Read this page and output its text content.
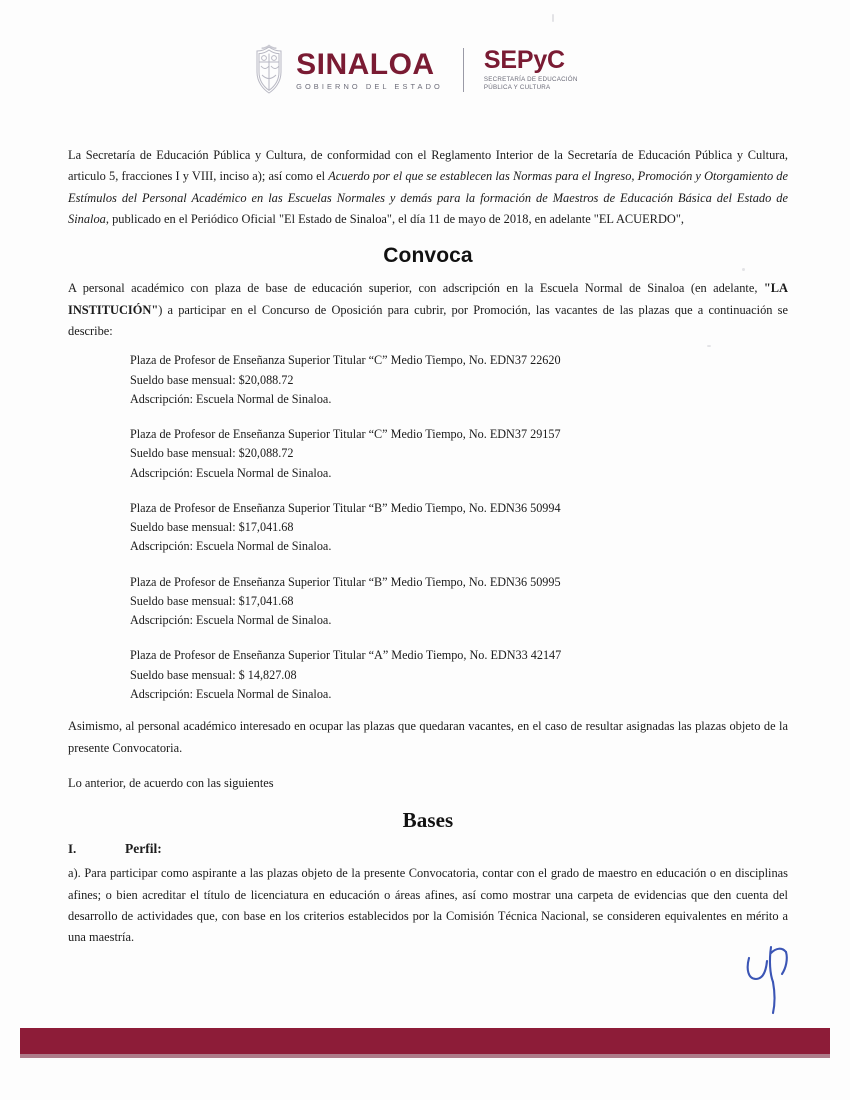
SINALOA
GOBIERNO DEL ESTADO
SEPyC
SECRETARÍA DE EDUCACIÓN PÚBLICA Y CULTURA

La Secretaría de Educación Pública y Cultura, de conformidad con el Reglamento Interior de la Secretaría de Educación Pública y Cultura, articulo 5, fracciones I y VIII, inciso a); así como el Acuerdo por el que se establecen las Normas para el Ingreso, Promoción y Otorgamiento de Estímulos del Personal Académico en las Escuelas Normales y demás para la formación de Maestros de Educación Básica del Estado de Sinaloa, publicado en el Periódico Oficial "El Estado de Sinaloa", el día 11 de mayo de 2018, en adelante "EL ACUERDO",

Convoca

A personal académico con plaza de base de educación superior, con adscripción en la Escuela Normal de Sinaloa (en adelante, "LA INSTITUCIÓN") a participar en el Concurso de Oposición para cubrir, por Promoción, las vacantes de las plazas que a continuación se describe:

Plaza de Profesor de Enseñanza Superior Titular “C” Medio Tiempo, No. EDN37 22620
Sueldo base mensual: $20,088.72
Adscripción: Escuela Normal de Sinaloa.
Plaza de Profesor de Enseñanza Superior Titular “C” Medio Tiempo, No. EDN37 29157
Sueldo base mensual: $20,088.72
Adscripción: Escuela Normal de Sinaloa.
Plaza de Profesor de Enseñanza Superior Titular “B” Medio Tiempo, No. EDN36 50994
Sueldo base mensual: $17,041.68
Adscripción: Escuela Normal de Sinaloa.
Plaza de Profesor de Enseñanza Superior Titular “B” Medio Tiempo, No. EDN36 50995
Sueldo base mensual: $17,041.68
Adscripción: Escuela Normal de Sinaloa.
Plaza de Profesor de Enseñanza Superior Titular “A” Medio Tiempo, No. EDN33 42147
Sueldo base mensual: $ 14,827.08
Adscripción: Escuela Normal de Sinaloa.

Asimismo, al personal académico interesado en ocupar las plazas que quedaran vacantes, en el caso de resultar asignadas las plazas objeto de la presente Convocatoria.

Lo anterior, de acuerdo con las siguientes

Bases
I.	Perfil:

a). Para participar como aspirante a las plazas objeto de la presente Convocatoria, contar con el grado de maestro en educación o en disciplinas afines; o bien acreditar el título de licenciatura en educación o áreas afines, así como mostrar una carpeta de evidencias que den cuenta del desarrollo de actividades que, con base en los criterios establecidos por la Comisión Técnica Nacional, se consideren equivalentes en mérito a una maestría.
